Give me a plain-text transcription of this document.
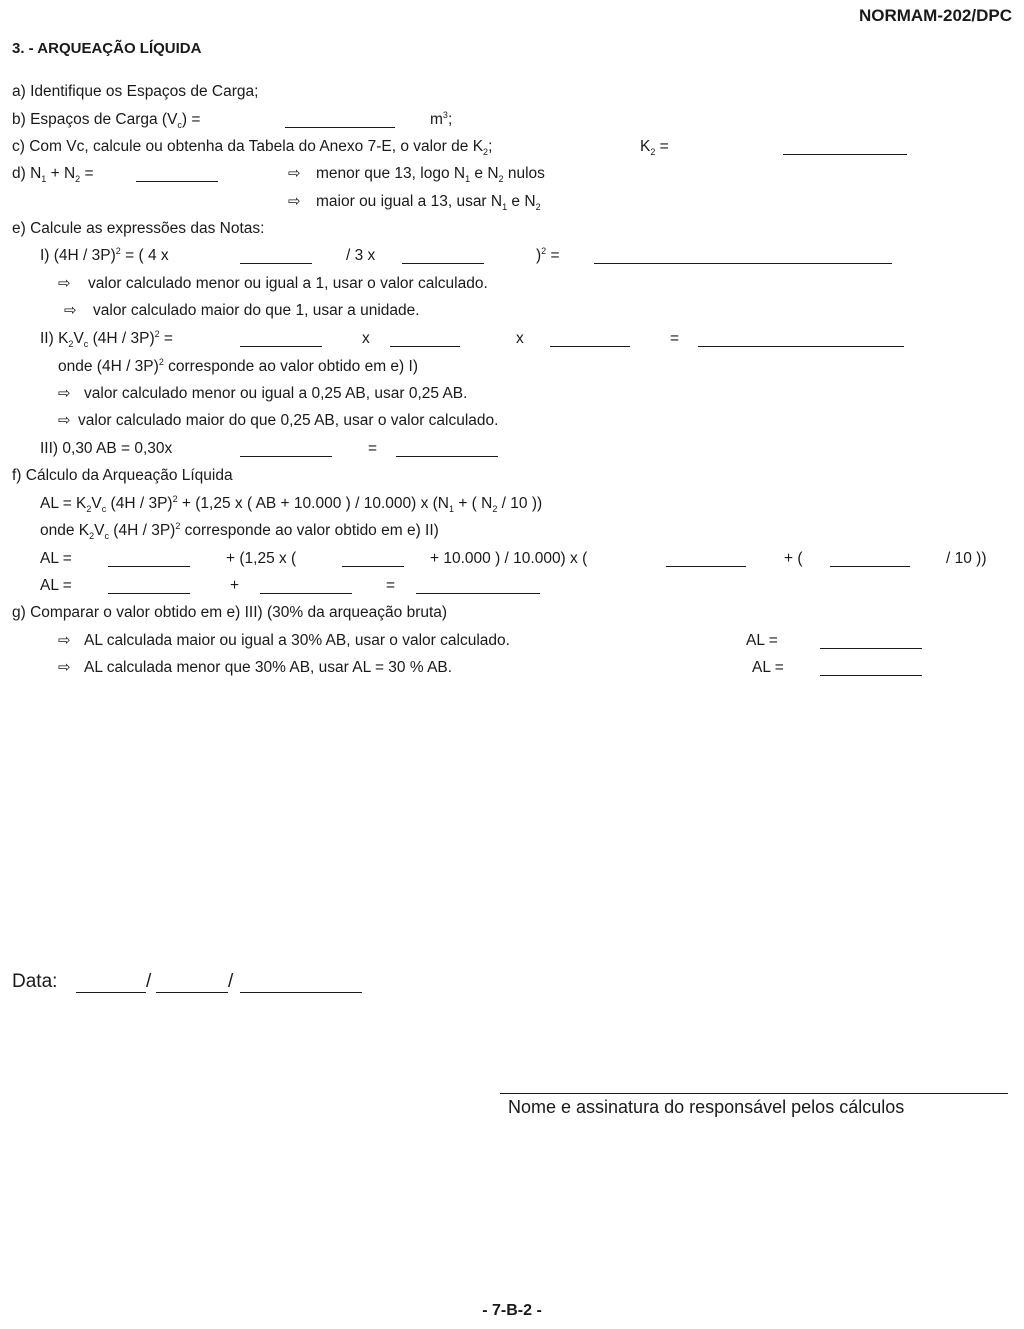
NORMAM-202/DPC
3. - ARQUEAÇÃO LÍQUIDA
a) Identifique os Espaços de Carga;
b) Espaços de Carga $(V_c)$ =	$m^3$;
c) Com Vc, calcule ou obtenha da Tabela do Anexo 7-E, o valor de $K_2$;	$K_2$ =
d) $N_1 + N_2$ =	⇨ menor que 13, logo $N_1$ e $N_2$ nulos
⇨ maior ou igual a 13, usar $N_1$ e $N_2$
e) Calcule as expressões das Notas:
I) (4H / 3P)$^2$ = ( 4 x	/ 3 x	)$^2$ =
⇨ valor calculado menor ou igual a 1, usar o valor calculado.
⇨ valor calculado maior do que 1, usar a unidade.
II) $K_2V_c$ (4H / 3P)$^2$ =	x	x	=
onde (4H / 3P)$^2$ corresponde ao valor obtido em e) I)
⇨ valor calculado menor ou igual a 0,25 AB, usar 0,25 AB.
⇨ valor calculado maior do que 0,25 AB, usar o valor calculado.
III) 0,30 AB = 0,30x	=
f) Cálculo da Arqueação Líquida
AL = $K_2V_c$ (4H / 3P)$^2$ + (1,25 x ( AB + 10.000 ) / 10.000) x ($N_1$ + ( $N_2 / 10$ ))
onde $K_2V_c$ (4H / 3P)$^2$ corresponde ao valor obtido em e) II)
AL =	+ (1,25 x (	+ 10.000 ) / 10.000) x (	+ (	/ 10 ))
AL =	+	=
g) Comparar o valor obtido em e) III) (30% da arqueação bruta)
⇨ AL calculada maior ou igual a 30% AB, usar o valor calculado.	AL =
⇨ AL calculada menor que 30% AB, usar AL = 30 % AB.	AL =
Data:	/	/
Nome e assinatura do responsável pelos cálculos
- 7-B-2 -
